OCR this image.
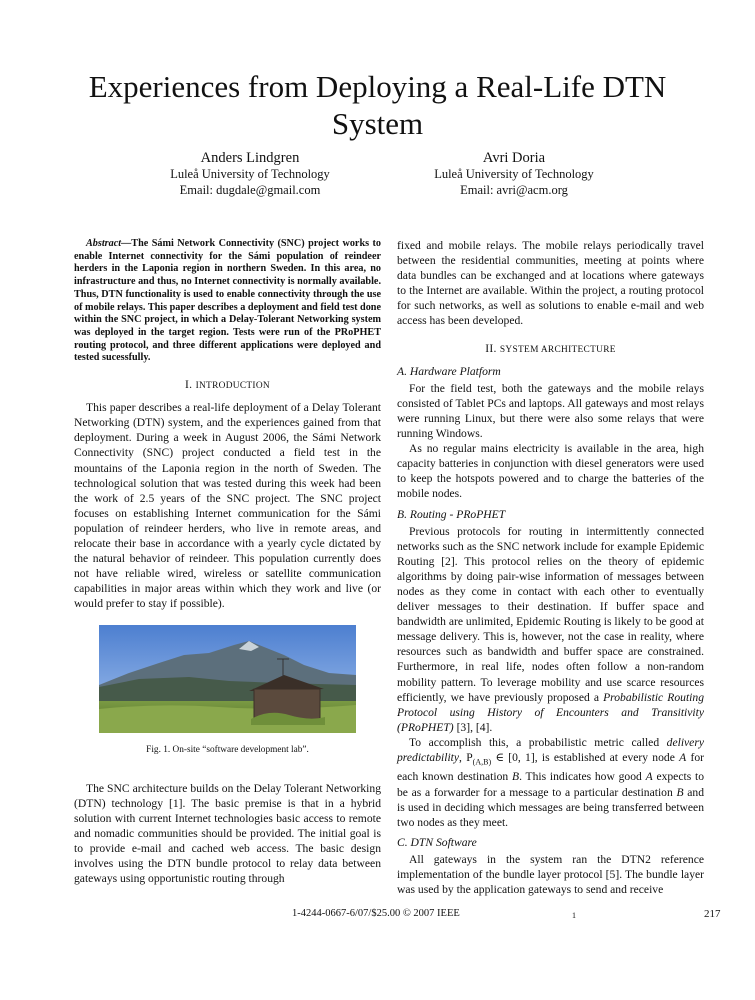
Experiences from Deploying a Real-Life DTN System
Anders Lindgren
Luleå University of Technology
Email: dugdale@gmail.com
Avri Doria
Luleå University of Technology
Email: avri@acm.org

Abstract—The Sámi Network Connectivity (SNC) project works to enable Internet connectivity for the Sámi population of reindeer herders in the Laponia region in northern Sweden. In this area, no infrastructure and thus, no Internet connectivity is normally available. Thus, DTN functionality is used to enable connectivity through the use of mobile relays. This paper describes a deployment and field test done within the SNC project, in which a Delay-Tolerant Networking system was deployed in the target region. Tests were run of the PRoPHET routing protocol, and three different applications were deployed and tested sucessfully.

I. INTRODUCTION

This paper describes a real-life deployment of a Delay Tolerant Networking (DTN) system, and the experiences gained from that deployment. During a week in August 2006, the Sámi Network Connectivity (SNC) project conducted a field test in the mountains of the Laponia region in the north of Sweden. The technological solution that was tested during this week had been the work of 2.5 years of the SNC project. The SNC project focuses on establishing Internet communication for the Sámi population of reindeer herders, who live in remote areas, and relocate their base in accordance with a yearly cycle dictated by the natural behavior of reindeer. This population currently does not have reliable wired, wireless or satellite communication capabilities in major areas within which they work and live (or would prefer to stay if possible).

Fig. 1. On-site “software development lab”.

The SNC architecture builds on the Delay Tolerant Networking (DTN) technology [1]. The basic premise is that in a hybrid solution with current Internet technologies basic access to remote and nomadic communities should be provided. The initial goal is to provide e-mail and cached web access. The basic design involves using the DTN bundle protocol to relay data between gateways using opportunistic routing through

fixed and mobile relays. The mobile relays periodically travel between the residential communities, meeting at points where data bundles can be exchanged and at locations where gateways to the Internet are available. Within the project, a routing protocol for such networks, as well as solutions to enable e-mail and web access has been developed.

II. SYSTEM ARCHITECTURE
A. Hardware Platform

For the field test, both the gateways and the mobile relays consisted of Tablet PCs and laptops. All gateways and most relays were running Linux, but there were also some relays that were running Windows.

As no regular mains electricity is available in the area, high capacity batteries in conjunction with diesel generators were used to keep the hotspots powered and to charge the batteries of the mobile nodes.

B. Routing - PRoPHET

Previous protocols for routing in intermittently connected networks such as the SNC network include for example Epidemic Routing [2]. This protocol relies on the theory of epidemic algorithms by doing pair-wise information of messages between nodes as they come in contact with each other to eventually deliver messages to their destination. If buffer space and bandwidth are unlimited, Epidemic Routing is likely to be good at message delivery. This is, however, not the case in reality, where resources such as bandwidth and buffer space are constrained. Furthermore, in real life, nodes often follow a non-random mobility pattern. To leverage mobility and use scarce resources efficiently, we have previously proposed a Probabilistic Routing Protocol using History of Encounters and Transitivity (PRoPHET) [3], [4].

To accomplish this, a probabilistic metric called delivery predictability, $P_{(A,B)}$ ∈ [0, 1], is established at every node A for each known destination B. This indicates how good A expects to be as a forwarder for a message to a particular destination B and is used in deciding which messages are being transferred between two nodes as they meet.

C. DTN Software

All gateways in the system ran the DTN2 reference implementation of the bundle layer protocol [5]. The bundle layer was used by the application gateways to send and receive

1-4244-0667-6/07/$25.00 © 2007 IEEE	1	217
